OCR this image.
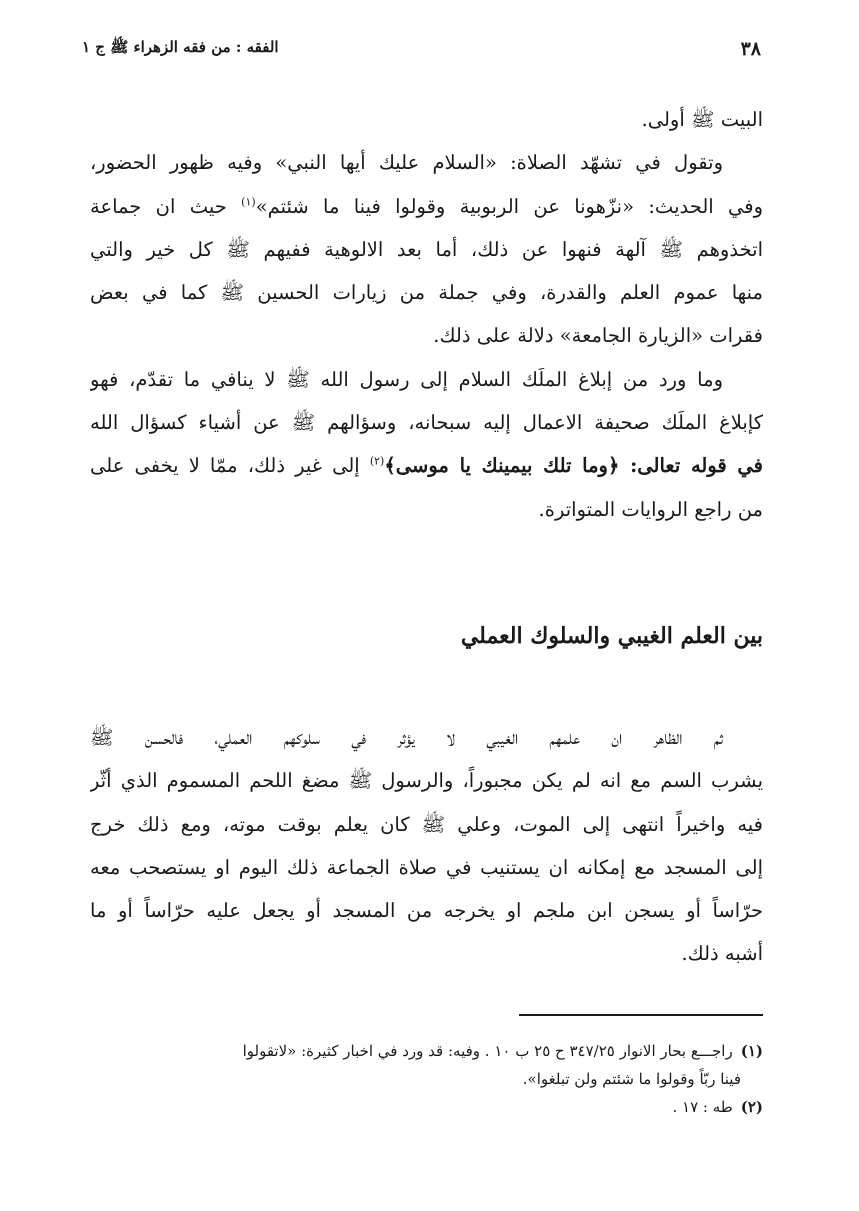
٣٨
الفقه : من فقه الزهراء ﷺ ج ١
البيت ﷺ أولى.
وتقول في تشهّد الصلاة: «السلام عليك أيها النبي» وفيه ظهور الحضور،
وفي الحديث: «نزّهونا عن الربوبية وقولوا فينا ما شئتم»$^{(١)}$ حيث ان جماعة
اتخذوهم ﷺ آلهة فنهوا عن ذلك، أما بعد الالوهية ففيهم ﷺ كل خير والتي
منها عموم العلم والقدرة، وفي جملة من زيارات الحسين ﷺ كما في بعض
فقرات «الزيارة الجامعة» دلالة على ذلك.
وما ورد من إبلاغ الملَك السلام إلى رسول الله ﷺ لا ينافي ما تقدّم، فهو
كإبلاغ الملَك صحيفة الاعمال إليه سبحانه، وسؤالهم ﷺ عن أشياء كسؤال الله
في قوله تعالى: ﴿وما تلك بيمينك يا موسى﴾$^{(٢)}$ إلى غير ذلك، ممّا لا يخفى على
من راجع الروايات المتواترة.
بين العلم الغيبي والسلوك العملي
ثم الظاهر ان علمهم الغيبي لا يؤثر في سلوكهم العملي، فالحسن ﷺ
يشرب السم مع انه لم يكن مجبوراً، والرسول ﷺ مضغ اللحم المسموم الذي أثّر
فيه واخيراً انتهى إلى الموت، وعلي ﷺ كان يعلم بوقت موته، ومع ذلك خرج
إلى المسجد مع إمكانه ان يستنيب في صلاة الجماعة ذلك اليوم او يستصحب معه
حرّاساً أو يسجن ابن ملجم او يخرجه من المسجد أو يجعل عليه حرّاساً أو ما
أشبه ذلك.
(١)راجـــع بحار الانوار ٣٤٧/٢٥ ح ٢٥ ب ١٠ . وفيه: قد ورد في اخبار كثيرة: «لاتقولوا
فينا ربّاً وقولوا ما شئتم ولن تبلغوا».
(٢)طه : ١٧ .
